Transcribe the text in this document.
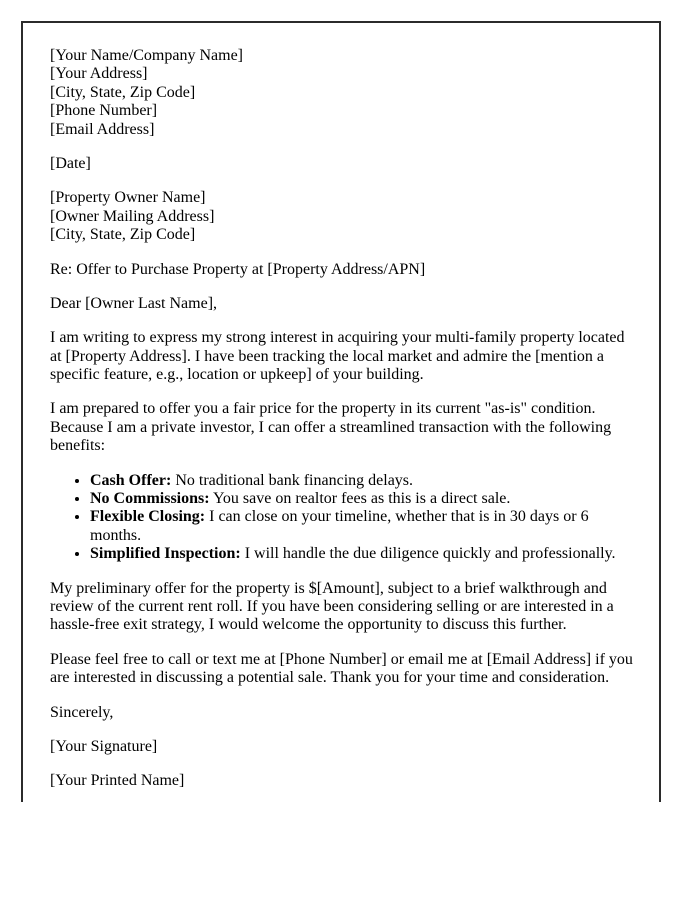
[Your Name/Company Name]
[Your Address]
[City, State, Zip Code]
[Phone Number]
[Email Address]

[Date]

[Property Owner Name]
[Owner Mailing Address]
[City, State, Zip Code]

Re: Offer to Purchase Property at [Property Address/APN]

Dear [Owner Last Name],

I am writing to express my strong interest in acquiring your multi-family property located at [Property Address]. I have been tracking the local market and admire the [mention a specific feature, e.g., location or upkeep] of your building.

I am prepared to offer you a fair price for the property in its current "as-is" condition. Because I am a private investor, I can offer a streamlined transaction with the following benefits:

• Cash Offer: No traditional bank financing delays.
• No Commissions: You save on realtor fees as this is a direct sale.
• Flexible Closing: I can close on your timeline, whether that is in 30 days or 6 months.
• Simplified Inspection: I will handle the due diligence quickly and professionally.

My preliminary offer for the property is $[Amount], subject to a brief walkthrough and review of the current rent roll. If you have been considering selling or are interested in a hassle-free exit strategy, I would welcome the opportunity to discuss this further.

Please feel free to call or text me at [Phone Number] or email me at [Email Address] if you are interested in discussing a potential sale. Thank you for your time and consideration.

Sincerely,

[Your Signature]

[Your Printed Name]
